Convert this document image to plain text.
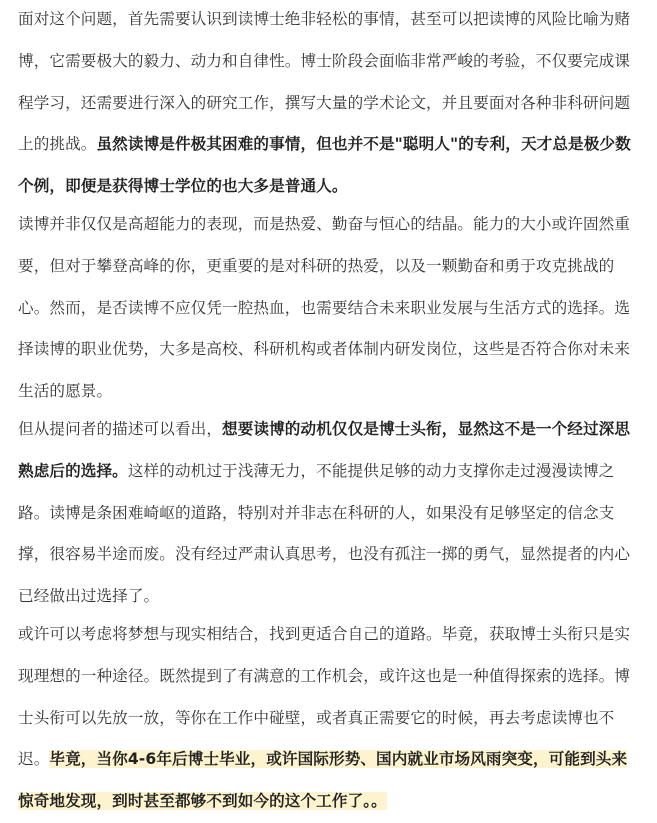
面对这个问题，首先需要认识到读博士绝非轻松的事情，甚至可以把读博的风险比喻为赌博，它需要极大的毅力、动力和自律性。博士阶段会面临非常严峻的考验，不仅要完成课程学习，还需要进行深入的研究工作，撰写大量的学术论文，并且要面对各种非科研问题上的挑战。虽然读博是件极其困难的事情，但也并不是"聪明人"的专利，天才总是极少数个例，即便是获得博士学位的也大多是普通人。

读博并非仅仅是高超能力的表现，而是热爱、勤奋与恒心的结晶。能力的大小或许固然重要，但对于攀登高峰的你，更重要的是对科研的热爱，以及一颗勤奋和勇于攻克挑战的心。然而，是否读博不应仅凭一腔热血，也需要结合未来职业发展与生活方式的选择。选择读博的职业优势，大多是高校、科研机构或者体制内研发岗位，这些是否符合你对未来生活的愿景。

但从提问者的描述可以看出，想要读博的动机仅仅是博士头衔，显然这不是一个经过深思熟虑后的选择。这样的动机过于浅薄无力，不能提供足够的动力支撑你走过漫漫读博之路。读博是条困难崎岖的道路，特别对并非志在科研的人，如果没有足够坚定的信念支撑，很容易半途而废。没有经过严肃认真思考，也没有孤注一掷的勇气，显然提者的内心已经做出过选择了。

或许可以考虑将梦想与现实相结合，找到更适合自己的道路。毕竟，获取博士头衔只是实现理想的一种途径。既然提到了有满意的工作机会，或许这也是一种值得探索的选择。博士头衔可以先放一放，等你在工作中碰壁，或者真正需要它的时候，再去考虑读博也不迟。毕竟，当你4-6年后博士毕业，或许国际形势、国内就业市场风雨突变，可能到头来惊奇地发现，到时甚至都够不到如今的这个工作了。。
